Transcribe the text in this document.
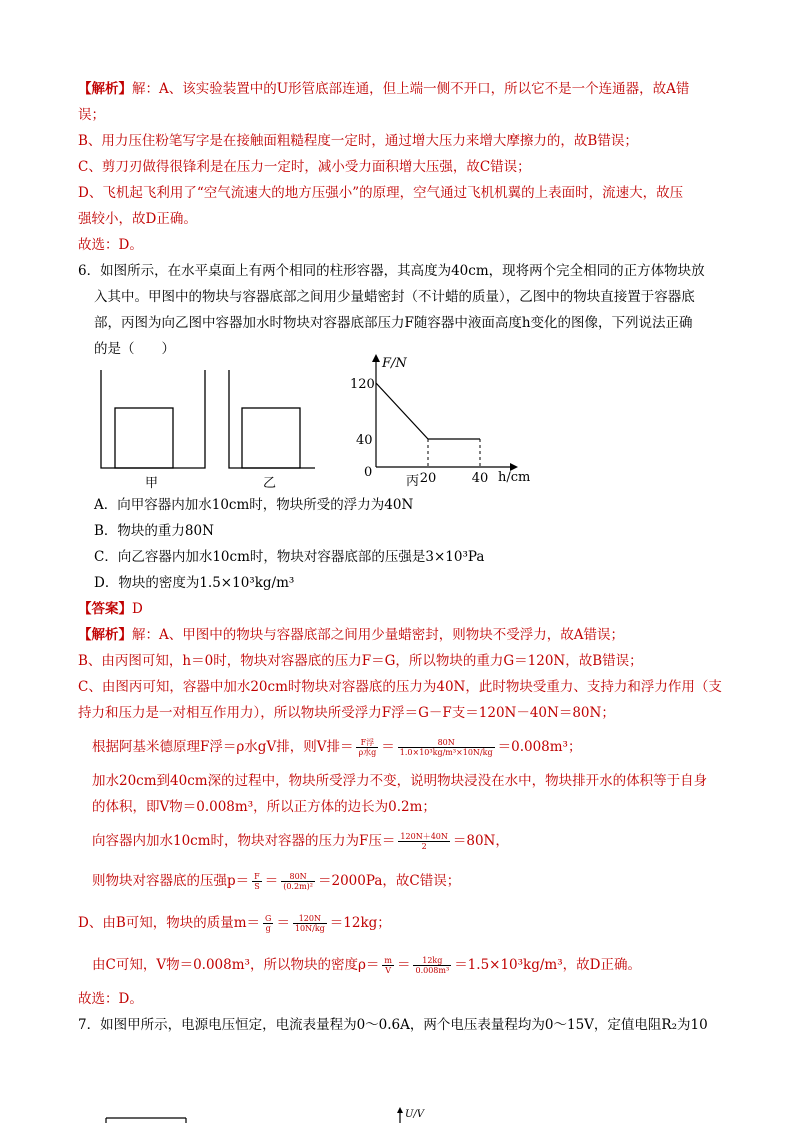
【解析】解：A、该实验装置中的U形管底部连通，但上端一侧不开口，所以它不是一个连通器，故A错
误；
B、用力压住粉笔写字是在接触面粗糙程度一定时，通过增大压力来增大摩擦力的，故B错误；
C、剪刀刃做得很锋利是在压力一定时，减小受力面积增大压强，故C错误；
D、飞机起飞利用了“空气流速大的地方压强小”的原理，空气通过飞机机翼的上表面时，流速大，故压
强较小，故D正确。
故选：D。
6．如图所示，在水平桌面上有两个相同的柱形容器，其高度为40cm，现将两个完全相同的正方体物块放
入其中。甲图中的物块与容器底部之间用少量蜡密封（不计蜡的质量），乙图中的物块直接置于容器底
部，丙图为向乙图中容器加水时物块对容器底部压力F随容器中液面高度h变化的图像，下列说法正确
的是（　　）
甲	乙
F/N
h/cm
0	20	40
40
120
丙
A．向甲容器内加水10cm时，物块所受的浮力为40N
B．物块的重力80N
C．向乙容器内加水10cm时，物块对容器底部的压强是3×10³Pa
D．物块的密度为1.5×10³kg/m³
【答案】D
【解析】解：A、甲图中的物块与容器底部之间用少量蜡密封，则物块不受浮力，故A错误；
B、由丙图可知，h＝0时，物块对容器底的压力F＝G，所以物块的重力G＝120N，故B错误；
C、由图丙可知，容器中加水20cm时物块对容器底的压力为40N，此时物块受重力、支持力和浮力作用（支
持力和压力是一对相互作用力），所以物块所受浮力F浮＝G－F支＝120N－40N＝80N；
根据阿基米德原理F浮＝ρ水gV排，则V排＝ $\frac{\text{F浮}}{\text{ρ水g}} = \frac{80N}{\text{1.0×10³kg/m³×10N/kg}} =0.008m^3$；
加水20cm到40cm深的过程中，物块所受浮力不变，说明物块浸没在水中，物块排开水的体积等于自身
的体积，即V物＝0.008m³，所以正方体的边长为0.2m；
向容器内加水10cm时，物块对容器的压力为F压＝ $\frac{120N+40N}{2} =80N$，
则物块对容器底的压强$p= \frac{F}{S} = \frac{80N}{\text{(0.2m)²}} =2000Pa$，故C错误；
D、由B可知，物块的质量$m= \frac{G}{g} = \frac{120N}{10N/kg} =12kg$；
由C可知，V物＝0.008m³，所以物块的密度$\rho= \frac{m}{V} = \frac{12kg}{\text{0.008m³}} =1.5\times 10^3kg/m^3$，故D正确。
故选：D。
7．如图甲所示，电源电压恒定，电流表量程为0～0.6A，两个电压表量程均为0～15V，定值电阻R₂为10
U/V
